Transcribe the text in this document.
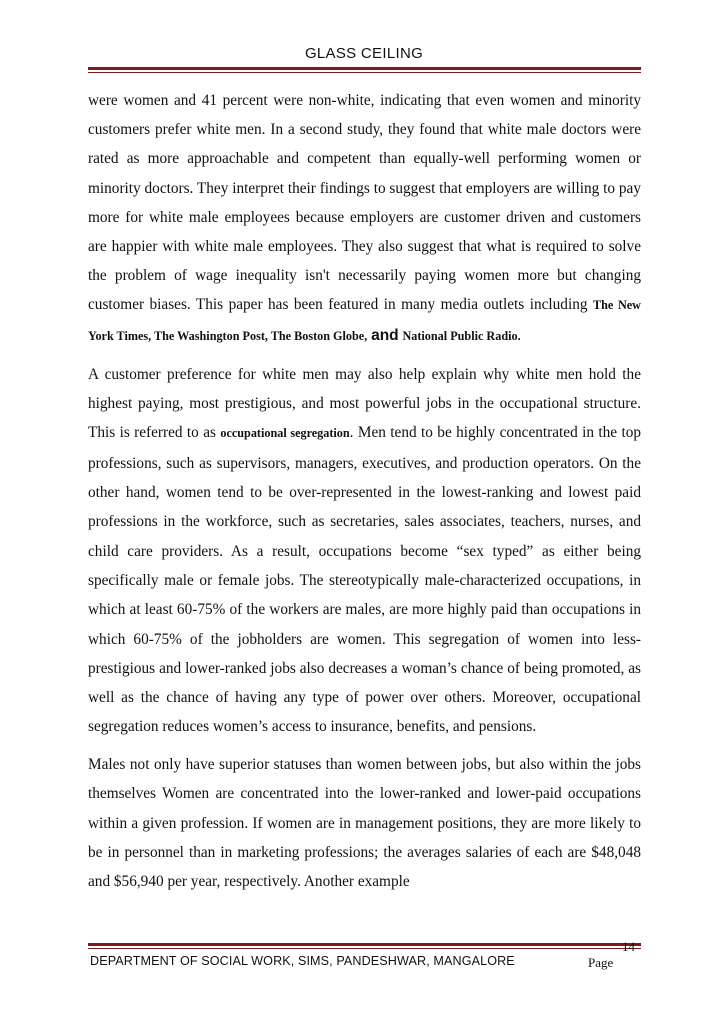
GLASS CEILING

were women and 41 percent were non-white, indicating that even women and minority customers prefer white men. In a second study, they found that white male doctors were rated as more approachable and competent than equally-well performing women or minority doctors. They interpret their findings to suggest that employers are willing to pay more for white male employees because employers are customer driven and customers are happier with white male employees. They also suggest that what is required to solve the problem of wage inequality isn't necessarily paying women more but changing customer biases. This paper has been featured in many media outlets including The New York Times, The Washington Post, The Boston Globe, and National Public Radio.

A customer preference for white men may also help explain why white men hold the highest paying, most prestigious, and most powerful jobs in the occupational structure. This is referred to as occupational segregation. Men tend to be highly concentrated in the top professions, such as supervisors, managers, executives, and production operators. On the other hand, women tend to be over-represented in the lowest-ranking and lowest paid professions in the workforce, such as secretaries, sales associates, teachers, nurses, and child care providers. As a result, occupations become “sex typed” as either being specifically male or female jobs. The stereotypically male-characterized occupations, in which at least 60-75% of the workers are males, are more highly paid than occupations in which 60-75% of the jobholders are women. This segregation of women into less-prestigious and lower-ranked jobs also decreases a woman’s chance of being promoted, as well as the chance of having any type of power over others. Moreover, occupational segregation reduces women’s access to insurance, benefits, and pensions.

Males not only have superior statuses than women between jobs, but also within the jobs themselves Women are concentrated into the lower-ranked and lower-paid occupations within a given profession. If women are in management positions, they are more likely to be in personnel than in marketing professions; the averages salaries of each are $48,048 and $56,940 per year, respectively. Another example

DEPARTMENT OF SOCIAL WORK, SIMS, PANDESHWAR, MANGALORE	Page
14
